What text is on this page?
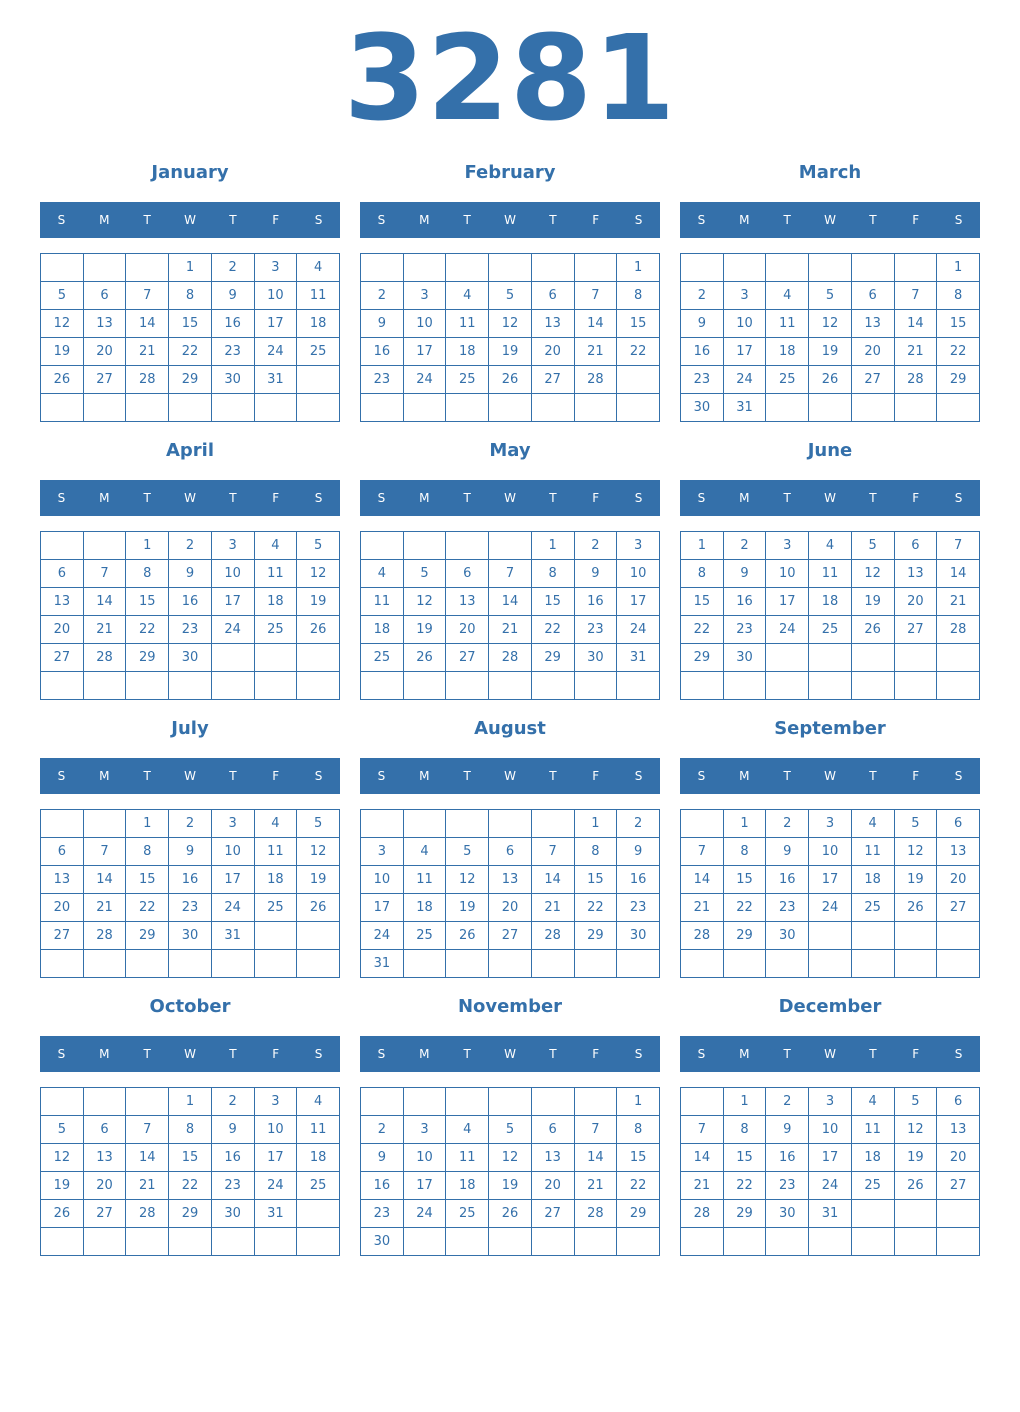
3281
January
S	M	T	W	T	F	S
			1	2	3	4
5	6	7	8	9	10	11
12	13	14	15	16	17	18
19	20	21	22	23	24	25
26	27	28	29	30	31	

February
S	M	T	W	T	F	S
						1
2	3	4	5	6	7	8
9	10	11	12	13	14	15
16	17	18	19	20	21	22
23	24	25	26	27	28	

March
S	M	T	W	T	F	S
						1
2	3	4	5	6	7	8
9	10	11	12	13	14	15
16	17	18	19	20	21	22
23	24	25	26	27	28	29
30	31					
April
S	M	T	W	T	F	S
		1	2	3	4	5
6	7	8	9	10	11	12
13	14	15	16	17	18	19
20	21	22	23	24	25	26
27	28	29	30			

May
S	M	T	W	T	F	S
				1	2	3
4	5	6	7	8	9	10
11	12	13	14	15	16	17
18	19	20	21	22	23	24
25	26	27	28	29	30	31

June
S	M	T	W	T	F	S
1	2	3	4	5	6	7
8	9	10	11	12	13	14
15	16	17	18	19	20	21
22	23	24	25	26	27	28
29	30					

July
S	M	T	W	T	F	S
		1	2	3	4	5
6	7	8	9	10	11	12
13	14	15	16	17	18	19
20	21	22	23	24	25	26
27	28	29	30	31		

August
S	M	T	W	T	F	S
					1	2
3	4	5	6	7	8	9
10	11	12	13	14	15	16
17	18	19	20	21	22	23
24	25	26	27	28	29	30
31						
September
S	M	T	W	T	F	S
	1	2	3	4	5	6
7	8	9	10	11	12	13
14	15	16	17	18	19	20
21	22	23	24	25	26	27
28	29	30				

October
S	M	T	W	T	F	S
			1	2	3	4
5	6	7	8	9	10	11
12	13	14	15	16	17	18
19	20	21	22	23	24	25
26	27	28	29	30	31	

November
S	M	T	W	T	F	S
						1
2	3	4	5	6	7	8
9	10	11	12	13	14	15
16	17	18	19	20	21	22
23	24	25	26	27	28	29
30						
December
S	M	T	W	T	F	S
	1	2	3	4	5	6
7	8	9	10	11	12	13
14	15	16	17	18	19	20
21	22	23	24	25	26	27
28	29	30	31			
